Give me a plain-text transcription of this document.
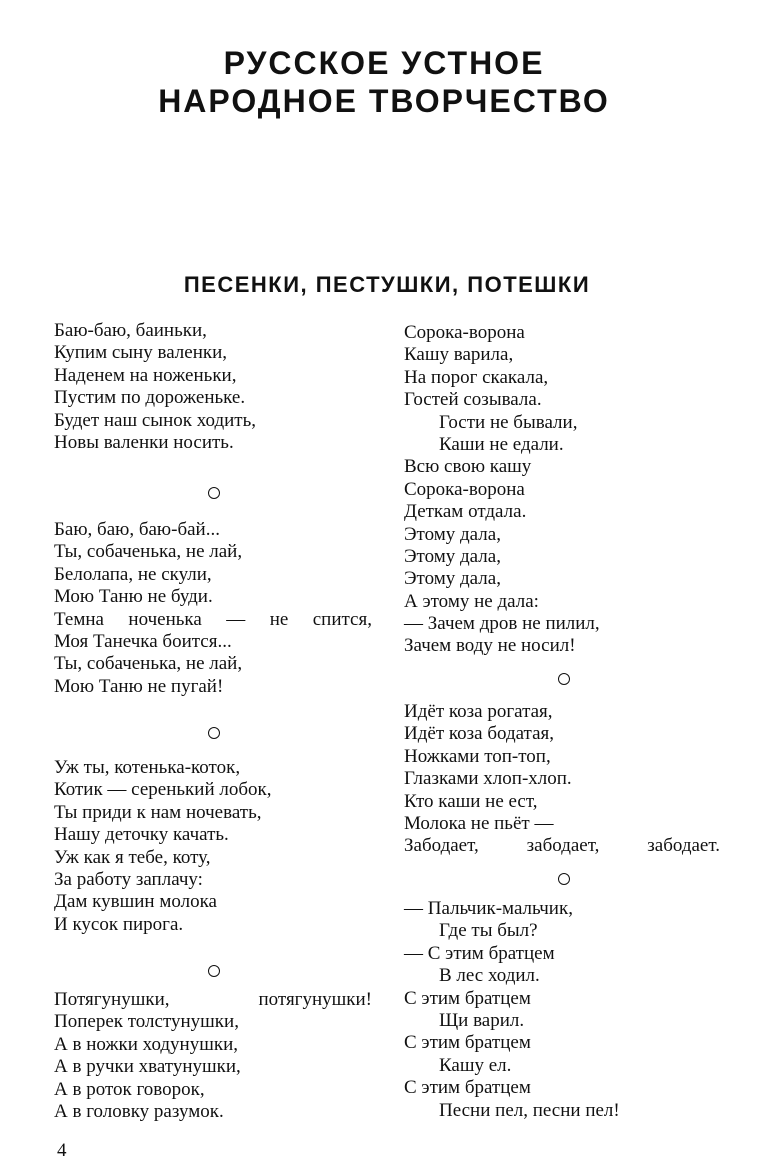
РУССКОЕ УСТНОЕ
НАРОДНОЕ ТВОРЧЕСТВО
ПЕСЕНКИ, ПЕСТУШКИ, ПОТЕШКИ
Баю-баю, баиньки,
Купим сыну валенки,
Наденем на ноженьки,
Пустим по дороженьке.
Будет наш сынок ходить,
Новы валенки носить.
Баю, баю, баю-бай...
Ты, собаченька, не лай,
Белолапа, не скули,
Мою Таню не буди.
Темна ноченька — не спится,
Моя Танечка боится...
Ты, собаченька, не лай,
Мою Таню не пугай!
Уж ты, котенька-коток,
Котик — серенький лобок,
Ты приди к нам ночевать,
Нашу деточку качать.
Уж как я тебе, коту,
За работу заплачу:
Дам кувшин молока
И кусок пирога.
Потягунушки,	потягунушки!
Поперек толстунушки,
А в ножки ходунушки,
А в ручки хватунушки,
А в роток говорок,
А в головку разумок.
Сорока-ворона
Кашу варила,
На порог скакала,
Гостей созывала.
Гости не бывали,
Каши не едали.
Всю свою кашу
Сорока-ворона
Деткам отдала.
Этому дала,
Этому дала,
Этому дала,
А этому не дала:
— Зачем дров не пилил,
Зачем воду не носил!
Идёт коза рогатая,
Идёт коза бодатая,
Ножками топ-топ,
Глазками хлоп-хлоп.
Кто каши не ест,
Молока не пьёт —
Забодает,	забодает,	забодает.
— Пальчик-мальчик,
Где ты был?
— С этим братцем
В лес ходил.
С этим братцем
Щи варил.
С этим братцем
Кашу ел.
С этим братцем
Песни пел, песни пел!
4
